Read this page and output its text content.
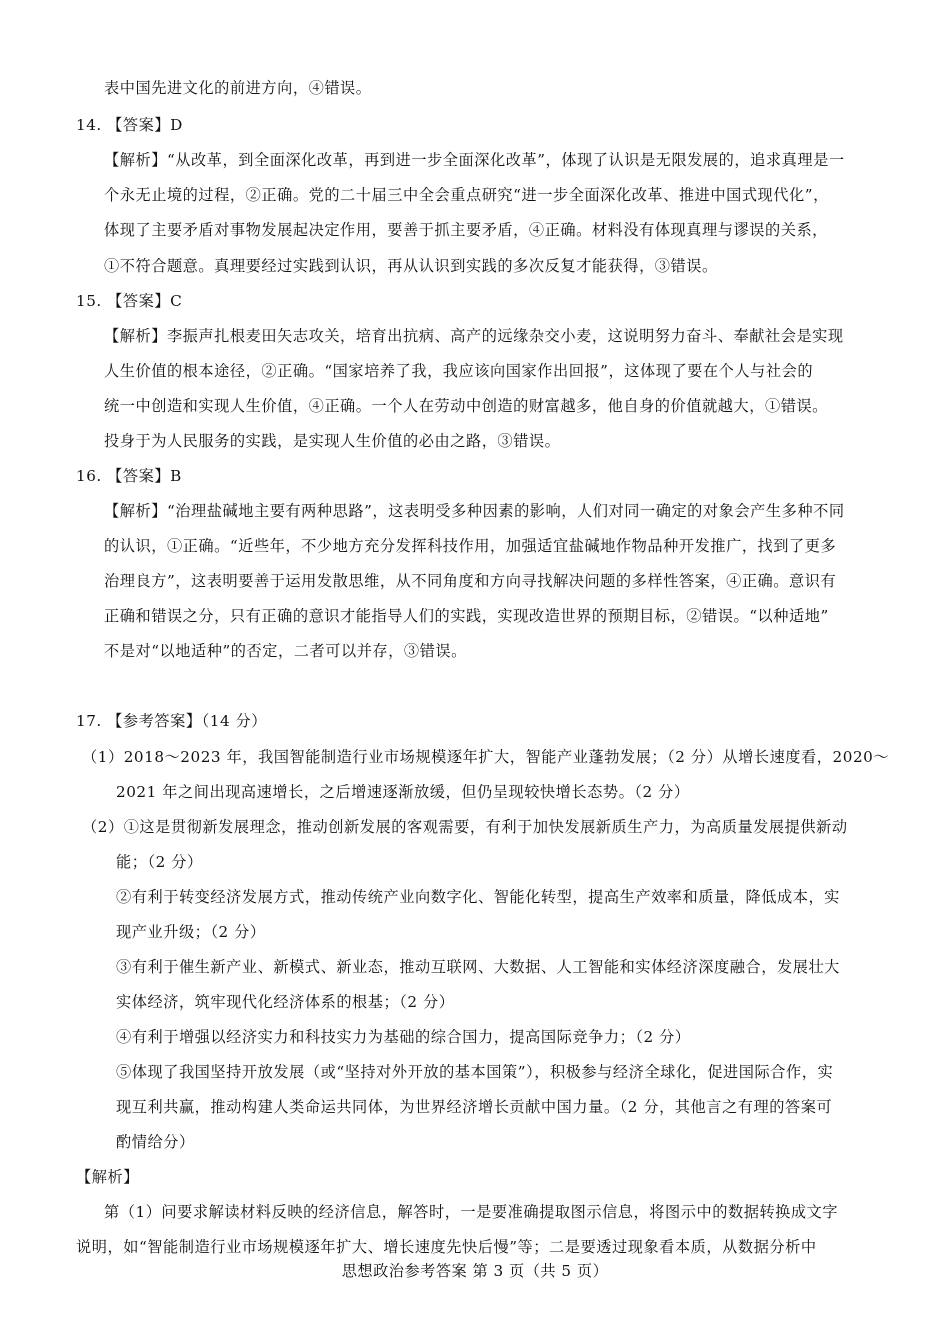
表中国先进文化的前进方向，④错误。
14. 【答案】D
【解析】“从改革，到全面深化改革，再到进一步全面深化改革”，体现了认识是无限发展的，追求真理是一
个永无止境的过程，②正确。党的二十届三中全会重点研究“进一步全面深化改革、推进中国式现代化”，
体现了主要矛盾对事物发展起决定作用，要善于抓主要矛盾，④正确。材料没有体现真理与谬误的关系，
①不符合题意。真理要经过实践到认识，再从认识到实践的多次反复才能获得，③错误。
15. 【答案】C
【解析】李振声扎根麦田矢志攻关，培育出抗病、高产的远缘杂交小麦，这说明努力奋斗、奉献社会是实现
人生价值的根本途径，②正确。“国家培养了我，我应该向国家作出回报”，这体现了要在个人与社会的
统一中创造和实现人生价值，④正确。一个人在劳动中创造的财富越多，他自身的价值就越大，①错误。
投身于为人民服务的实践，是实现人生价值的必由之路，③错误。
16. 【答案】B
【解析】“治理盐碱地主要有两种思路”，这表明受多种因素的影响，人们对同一确定的对象会产生多种不同
的认识，①正确。“近些年，不少地方充分发挥科技作用，加强适宜盐碱地作物品种开发推广，找到了更多
治理良方”，这表明要善于运用发散思维，从不同角度和方向寻找解决问题的多样性答案，④正确。意识有
正确和错误之分，只有正确的意识才能指导人们的实践，实现改造世界的预期目标，②错误。“以种适地”
不是对“以地适种”的否定，二者可以并存，③错误。
17. 【参考答案】（14 分）
（1）2018～2023 年，我国智能制造行业市场规模逐年扩大，智能产业蓬勃发展；（2 分）从增长速度看，2020～
2021 年之间出现高速增长，之后增速逐渐放缓，但仍呈现较快增长态势。（2 分）
（2）①这是贯彻新发展理念，推动创新发展的客观需要，有利于加快发展新质生产力，为高质量发展提供新动
能；（2 分）
②有利于转变经济发展方式，推动传统产业向数字化、智能化转型，提高生产效率和质量，降低成本，实
现产业升级；（2 分）
③有利于催生新产业、新模式、新业态，推动互联网、大数据、人工智能和实体经济深度融合，发展壮大
实体经济，筑牢现代化经济体系的根基；（2 分）
④有利于增强以经济实力和科技实力为基础的综合国力，提高国际竞争力；（2 分）
⑤体现了我国坚持开放发展（或“坚持对外开放的基本国策”），积极参与经济全球化，促进国际合作，实
现互利共赢，推动构建人类命运共同体，为世界经济增长贡献中国力量。（2 分，其他言之有理的答案可
酌情给分）
【解析】
第（1）问要求解读材料反映的经济信息，解答时，一是要准确提取图示信息，将图示中的数据转换成文字
说明，如“智能制造行业市场规模逐年扩大、增长速度先快后慢”等；二是要透过现象看本质，从数据分析中
思想政治参考答案 第 3 页（共 5 页）
